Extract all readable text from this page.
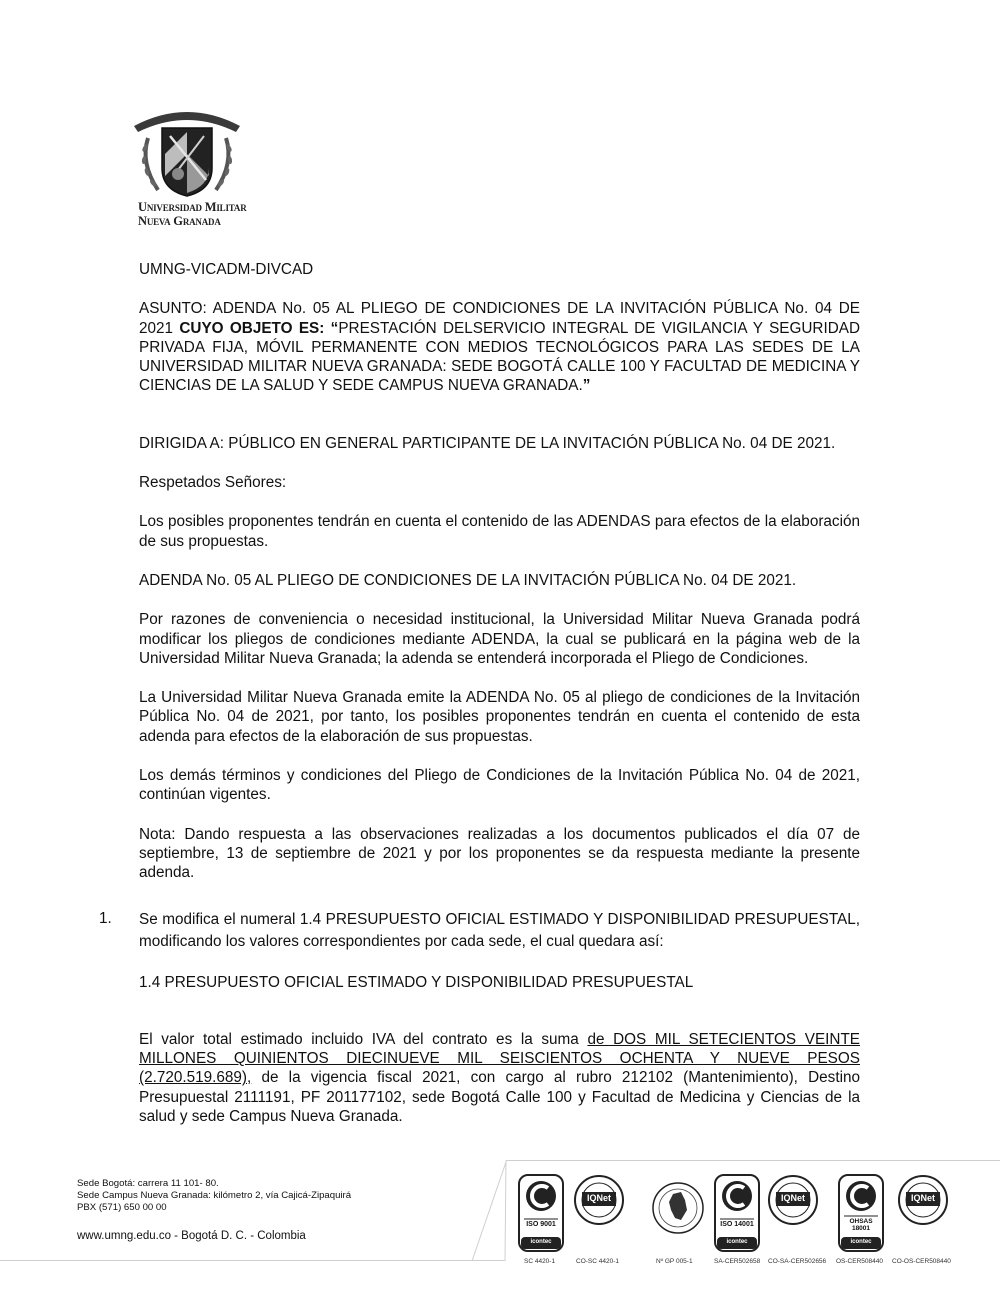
Universidad Militar
Nueva Granada

UMNG-VICADM-DIVCAD

ASUNTO: ADENDA No. 05 AL PLIEGO DE CONDICIONES DE LA INVITACIÓN PÚBLICA No. 04 DE 2021 CUYO OBJETO ES: “PRESTACIÓN DELSERVICIO INTEGRAL DE VIGILANCIA Y SEGURIDAD PRIVADA FIJA, MÓVIL PERMANENTE CON MEDIOS TECNOLÓGICOS PARA LAS SEDES DE LA UNIVERSIDAD MILITAR NUEVA GRANADA: SEDE BOGOTÁ CALLE 100 Y FACULTAD DE MEDICINA Y CIENCIAS DE LA SALUD Y SEDE CAMPUS NUEVA GRANADA.”

DIRIGIDA A: PÚBLICO EN GENERAL PARTICIPANTE DE LA INVITACIÓN PÚBLICA No. 04 DE 2021.

Respetados Señores:

Los posibles proponentes tendrán en cuenta el contenido de las ADENDAS para efectos de la elaboración de sus propuestas.

ADENDA No. 05 AL PLIEGO DE CONDICIONES DE LA INVITACIÓN PÚBLICA No. 04 DE 2021.

Por razones de conveniencia o necesidad institucional, la Universidad Militar Nueva Granada podrá modificar los pliegos de condiciones mediante ADENDA, la cual se publicará en la página web de la Universidad Militar Nueva Granada; la adenda se entenderá incorporada el Pliego de Condiciones.

La Universidad Militar Nueva Granada emite la ADENDA No. 05 al pliego de condiciones de la Invitación Pública No. 04 de 2021, por tanto, los posibles proponentes tendrán en cuenta el contenido de esta adenda para efectos de la elaboración de sus propuestas.

Los demás términos y condiciones del Pliego de Condiciones de la Invitación Pública No. 04 de 2021, continúan vigentes.

Nota: Dando respuesta a las observaciones realizadas a los documentos publicados el día 07 de septiembre, 13 de septiembre de 2021 y por los proponentes se da respuesta mediante la presente adenda.

1. Se modifica el numeral 1.4 PRESUPUESTO OFICIAL ESTIMADO Y DISPONIBILIDAD PRESUPUESTAL, modificando los valores correspondientes por cada sede, el cual quedara así:

1.4 PRESUPUESTO OFICIAL ESTIMADO Y DISPONIBILIDAD PRESUPUESTAL

El valor total estimado incluido IVA del contrato es la suma de DOS MIL SETECIENTOS VEINTE MILLONES QUINIENTOS DIECINUEVE MIL SEISCIENTOS OCHENTA Y NUEVE PESOS (2.720.519.689), de la vigencia fiscal 2021, con cargo al rubro 212102 (Mantenimiento), Destino Presupuestal 2111191, PF 201177102, sede Bogotá Calle 100 y Facultad de Medicina y Ciencias de la salud y sede Campus Nueva Granada.

Sede Bogotá: carrera 11 101- 80.
Sede Campus Nueva Granada: kilómetro 2, vía Cajicá-Zipaquirá
PBX (571) 650 00 00
www.umng.edu.co - Bogotá D. C. - Colombia
ISO 9001
icontec
SC 4420-1
IQNet
CO-SC 4420-1	Nº GP 005-1
ISO 14001
icontec
SA-CER502658
IQNet
CO-SA-CER502656
OHSAS 18001
icontec
OS-CER508440
IQNet
CO-OS-CER508440
